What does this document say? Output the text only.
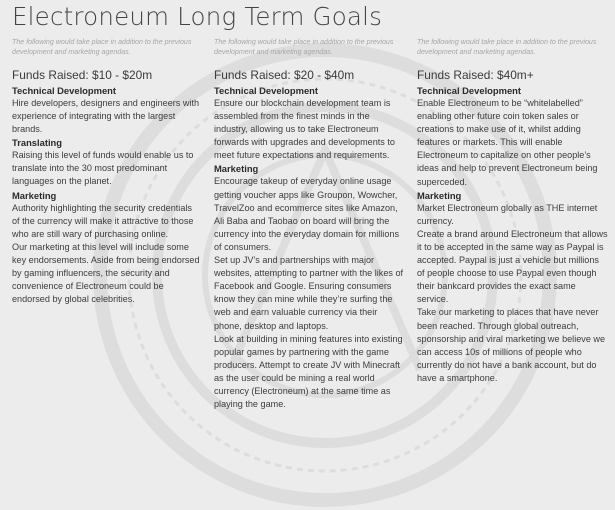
Electroneum Long Term Goals
The following would take place in addition to the previous development and marketing agendas.
Funds Raised: $10 - $20m
Technical Development

Hire developers, designers and engineers with experience of integrating with the largest brands.

Translating

Raising this level of funds would enable us to translate into the 30 most predominant languages on the planet.

Marketing

Authority highlighting the security credentials of the currency will make it attractive to those who are still wary of purchasing online.

Our marketing at this level will include some key endorsements. Aside from being endorsed by gaming influencers, the security and convenience of Electroneum could be endorsed by global celebrities.

The following would take place in addition to the previous development and marketing agendas.
Funds Raised: $20 - $40m
Technical Development

Ensure our blockchain development team is assembled from the finest minds in the industry, allowing us to take Electroneum forwards with upgrades and developments to meet future expectations and requirements.

Marketing

Encourage takeup of everyday online usage getting voucher apps like Groupon, Wowcher, TravelZoo and ecommerce sites like Amazon, Ali Baba and Taobao on board will bring the currency into the everyday domain for millions of consumers.

Set up JV’s and partnerships with major websites, attempting to partner with the likes of Facebook and Google. Ensuring consumers know they can mine while they’re surfing the web and earn valuable currency via their phone, desktop and laptops.

Look at building in mining features into existing popular games by partnering with the game producers. Attempt to create JV with Minecraft as the user could be mining a real world currency (Electroneum) at the same time as playing the game.

The following would take place in addition to the previous development and marketing agendas.
Funds Raised: $40m+
Technical Development

Enable Electroneum to be “whitelabelled” enabling other future coin token sales or creations to make use of it, whilst adding features or markets. This will enable Electroneum to capitalize on other people’s ideas and help to prevent Electroneum being superceded.

Marketing

Market Electroneum globally as THE internet currency.

Create a brand around Electroneum that allows it to be accepted in the same way as Paypal is accepted. Paypal is just a vehicle but millions of people choose to use Paypal even though their bankcard provides the exact same service.

Take our marketing to places that have never been reached. Through global outreach, sponsorship and viral marketing we believe we can access 10s of millions of people who currently do not have a bank account, but do have a smartphone.
